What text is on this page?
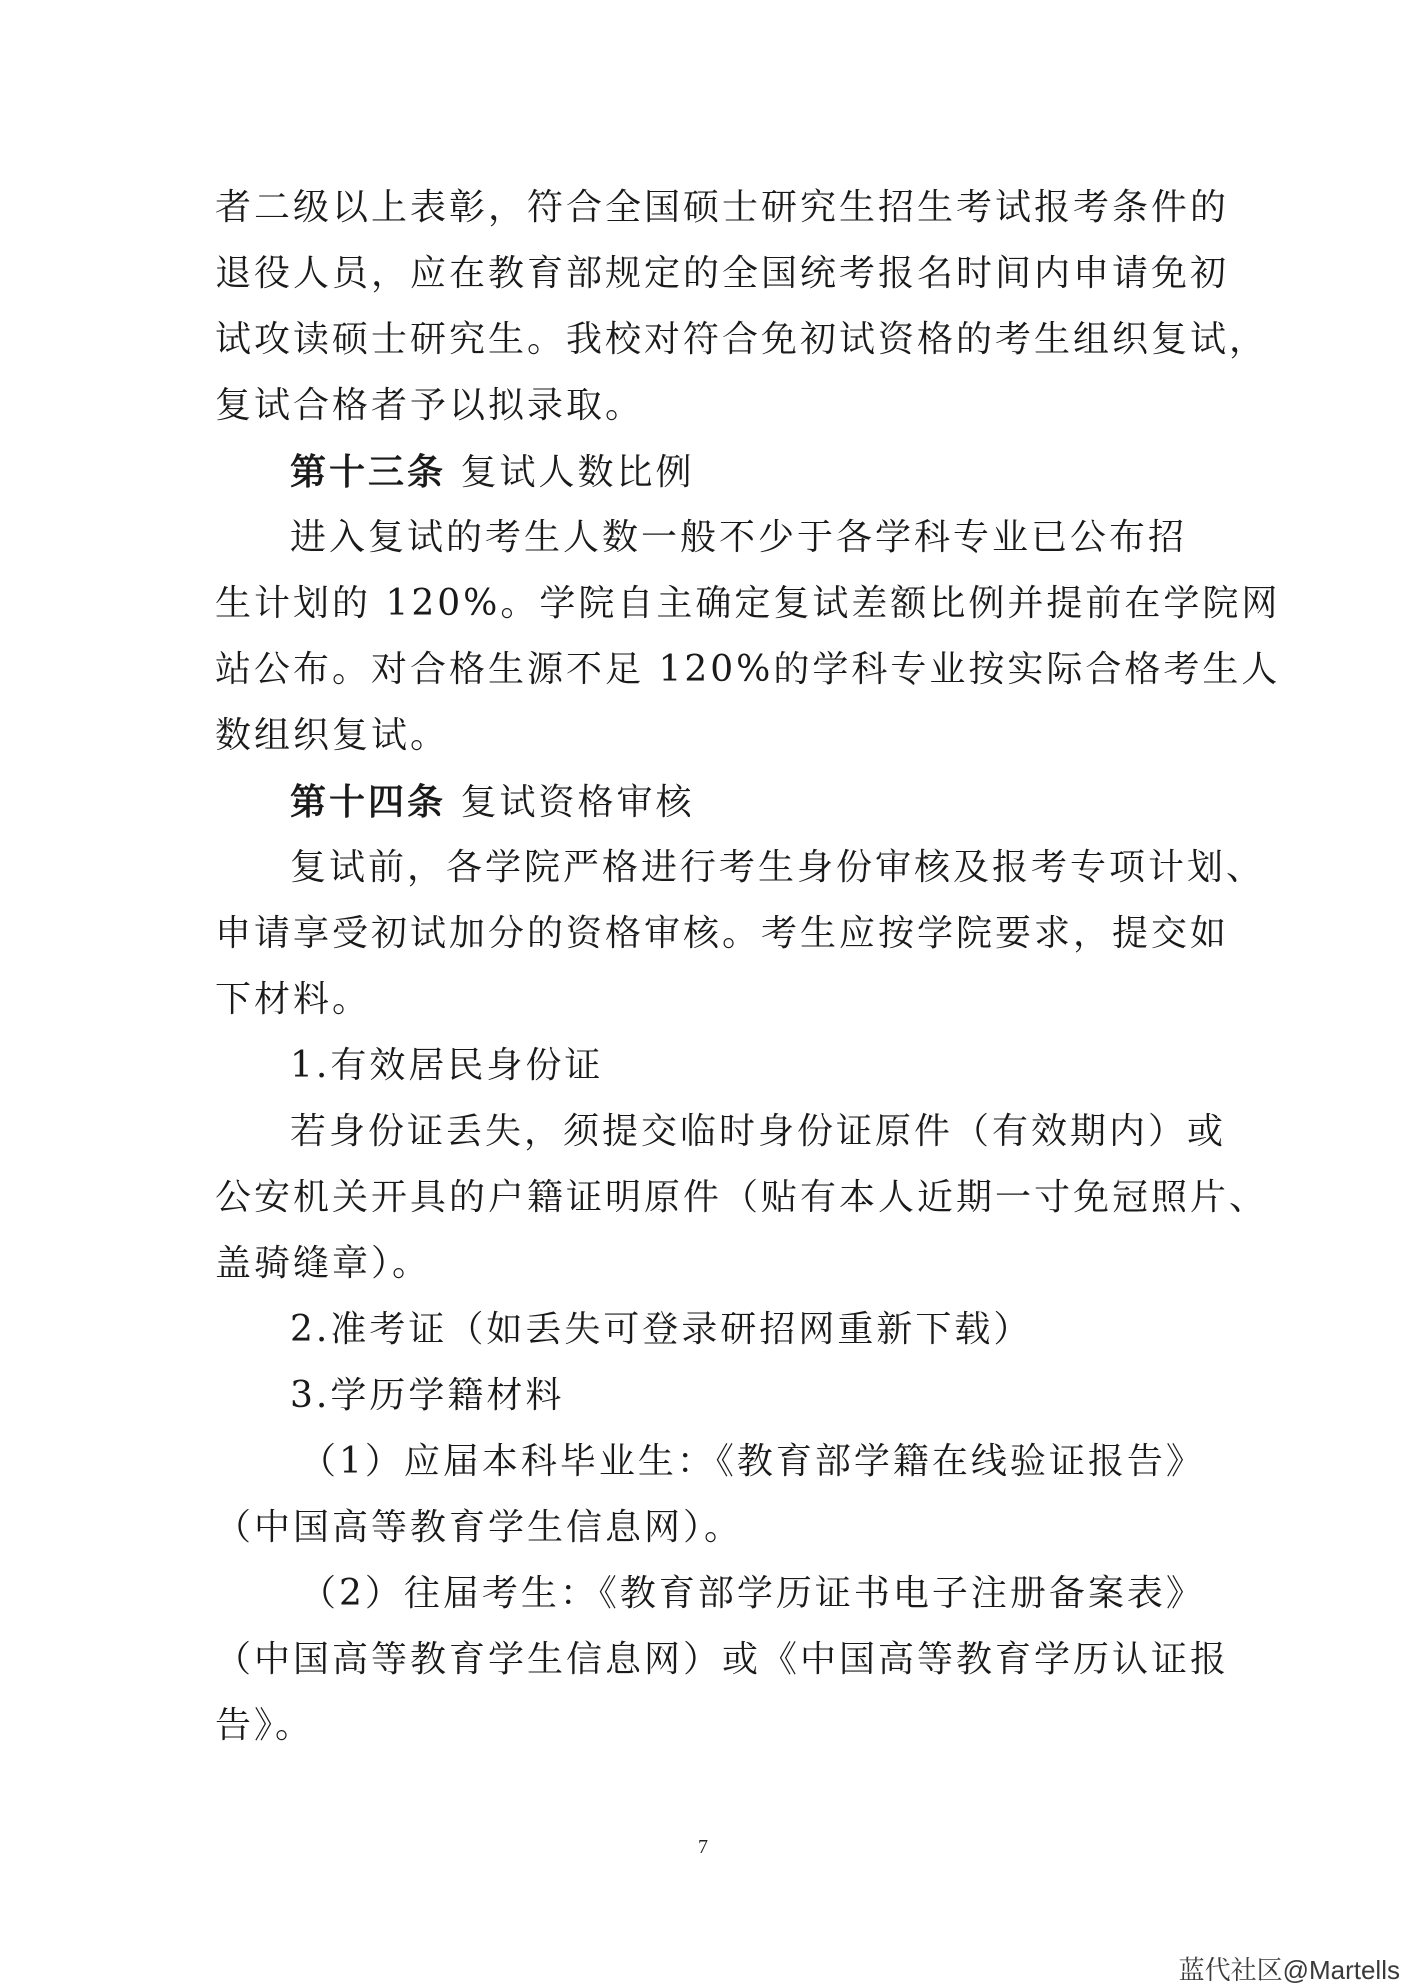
者二级以上表彰，符合全国硕士研究生招生考试报考条件的
退役人员，应在教育部规定的全国统考报名时间内申请免初
试攻读硕士研究生。我校对符合免初试资格的考生组织复试，
复试合格者予以拟录取。
第十三条 复试人数比例
进入复试的考生人数一般不少于各学科专业已公布招
生计划的 120%。学院自主确定复试差额比例并提前在学院网
站公布。对合格生源不足 120%的学科专业按实际合格考生人
数组织复试。
第十四条 复试资格审核
复试前，各学院严格进行考生身份审核及报考专项计划、
申请享受初试加分的资格审核。考生应按学院要求，提交如
下材料。
1.有效居民身份证
若身份证丢失，须提交临时身份证原件（有效期内）或
公安机关开具的户籍证明原件（贴有本人近期一寸免冠照片、
盖骑缝章）。
2.准考证（如丢失可登录研招网重新下载）
3.学历学籍材料
（1）应届本科毕业生：《教育部学籍在线验证报告》
（中国高等教育学生信息网）。
（2）往届考生：《教育部学历证书电子注册备案表》
（中国高等教育学生信息网）或《中国高等教育学历认证报
告》。
7
蓝代社区@Martells
